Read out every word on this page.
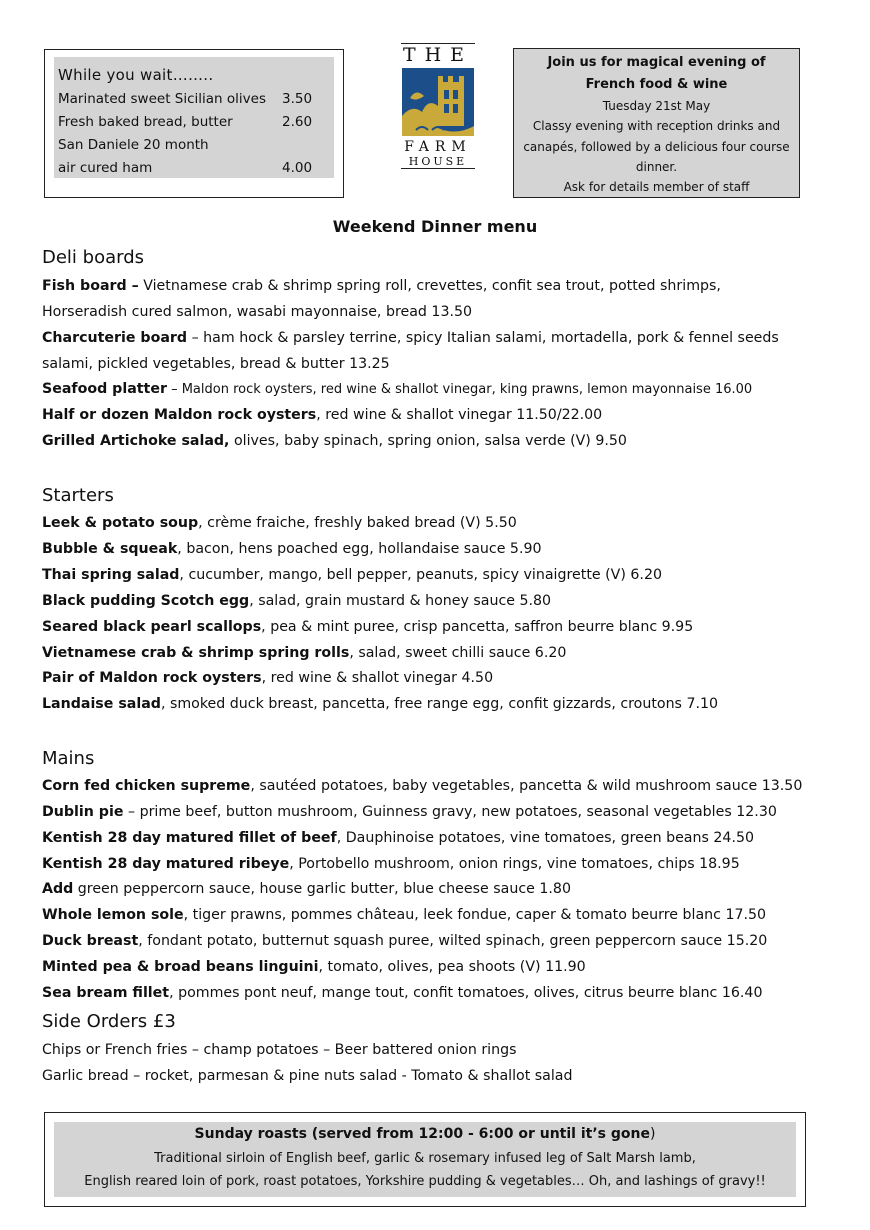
While you wait……..
Marinated sweet Sicilian olives 3.50
Fresh baked bread, butter	2.60
San Daniele 20 month
air cured ham	4.00
THE
FARM
HOUSE
Join us for magical evening of French food & wine
Tuesday 21st May
Classy evening with reception drinks and
canapés, followed by a delicious four course
dinner.
Ask for details member of staff
Weekend Dinner menu
Deli boards
Fish board – Vietnamese crab & shrimp spring roll, crevettes, confit sea trout, potted shrimps,
Horseradish cured salmon, wasabi mayonnaise, bread 13.50
Charcuterie board – ham hock & parsley terrine, spicy Italian salami, mortadella, pork & fennel seeds
salami, pickled vegetables, bread & butter 13.25
Seafood platter – Maldon rock oysters, red wine & shallot vinegar, king prawns, lemon mayonnaise 16.00
Half or dozen Maldon rock oysters, red wine & shallot vinegar 11.50/22.00
Grilled Artichoke salad, olives, baby spinach, spring onion, salsa verde (V) 9.50
Starters
Leek & potato soup, crème fraiche, freshly baked bread (V) 5.50
Bubble & squeak, bacon, hens poached egg, hollandaise sauce 5.90
Thai spring salad, cucumber, mango, bell pepper, peanuts, spicy vinaigrette (V) 6.20
Black pudding Scotch egg, salad, grain mustard & honey sauce 5.80
Seared black pearl scallops, pea & mint puree, crisp pancetta, saffron beurre blanc 9.95
Vietnamese crab & shrimp spring rolls, salad, sweet chilli sauce 6.20
Pair of Maldon rock oysters, red wine & shallot vinegar 4.50
Landaise salad, smoked duck breast, pancetta, free range egg, confit gizzards, croutons 7.10
Mains
Corn fed chicken supreme, sautéed potatoes, baby vegetables, pancetta & wild mushroom sauce 13.50
Dublin pie – prime beef, button mushroom, Guinness gravy, new potatoes, seasonal vegetables 12.30
Kentish 28 day matured fillet of beef, Dauphinoise potatoes, vine tomatoes, green beans 24.50
Kentish 28 day matured ribeye, Portobello mushroom, onion rings, vine tomatoes, chips 18.95
Add green peppercorn sauce, house garlic butter, blue cheese sauce 1.80
Whole lemon sole, tiger prawns, pommes château, leek fondue, caper & tomato beurre blanc 17.50
Duck breast, fondant potato, butternut squash puree, wilted spinach, green peppercorn sauce 15.20
Minted pea & broad beans linguini, tomato, olives, pea shoots (V) 11.90
Sea bream fillet, pommes pont neuf, mange tout, confit tomatoes, olives, citrus beurre blanc 16.40
Side Orders £3
Chips or French fries – champ potatoes – Beer battered onion rings
Garlic bread – rocket, parmesan & pine nuts salad - Tomato & shallot salad
Sunday roasts (served from 12:00 - 6:00 or until it’s gone)
Traditional sirloin of English beef, garlic & rosemary infused leg of Salt Marsh lamb,
English reared loin of pork, roast potatoes, Yorkshire pudding & vegetables… Oh, and lashings of gravy!!
